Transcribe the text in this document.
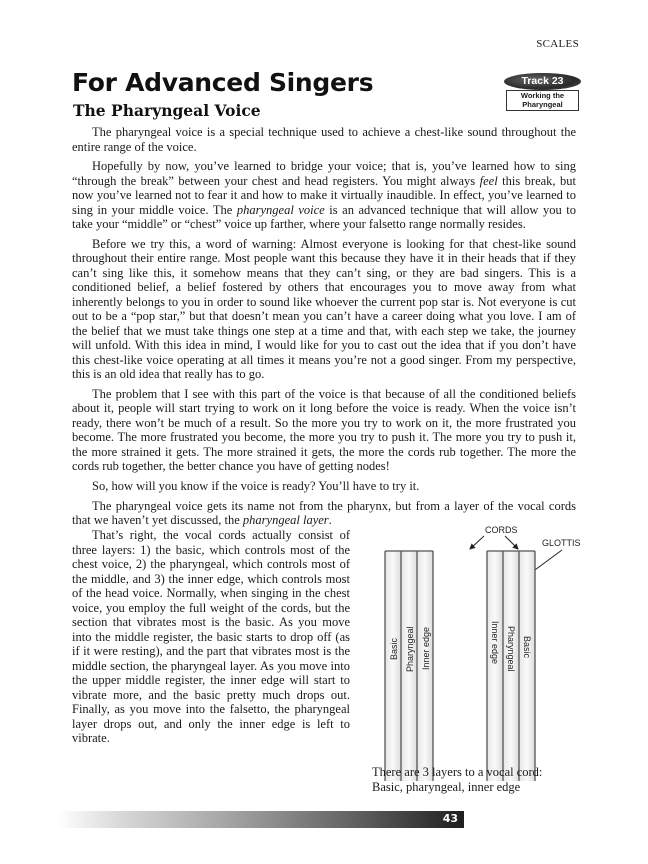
SCALES
For Advanced Singers
The Pharyngeal Voice
Track 23
Working the
Pharyngeal

The pharyngeal voice is a special technique used to achieve a chest-like sound throughout the entire range of the voice.

Hopefully by now, you’ve learned to bridge your voice; that is, you’ve learned how to sing “through the break” between your chest and head registers. You might always feel this break, but now you’ve learned not to fear it and how to make it virtually inaudible. In effect, you’ve learned to sing in your middle voice. The pharyngeal voice is an advanced technique that will allow you to take your “middle” or “chest” voice up farther, where your falsetto range normally resides.

Before we try this, a word of warning: Almost everyone is looking for that chest-like sound throughout their entire range. Most people want this because they have it in their heads that if they can’t sing like this, it somehow means that they can’t sing, or they are bad singers. This is a conditioned belief, a belief fostered by others that encourages you to move away from what inherently belongs to you in order to sound like whoever the current pop star is. Not everyone is cut out to be a “pop star,” but that doesn’t mean you can’t have a career doing what you love. I am of the belief that we must take things one step at a time and that, with each step we take, the journey will unfold. With this idea in mind, I would like for you to cast out the idea that if you don’t have this chest-like voice operating at all times it means you’re not a good singer. From my perspective, this is an old idea that really has to go.

The problem that I see with this part of the voice is that because of all the conditioned beliefs about it, people will start trying to work on it long before the voice is ready. When the voice isn’t ready, there won’t be much of a result. So the more you try to work on it, the more frustrated you become. The more frustrated you become, the more you try to push it. The more you try to push it, the more strained it gets. The more strained it gets, the more the cords rub together. The more the cords rub together, the better chance you have of getting nodes!

So, how will you know if the voice is ready? You’ll have to try it.

The pharyngeal voice gets its name not from the pharynx, but from a layer of the vocal cords that we haven’t yet discussed, the pharyngeal layer.

That’s right, the vocal cords actually consist of three layers: 1) the basic, which controls most of the chest voice, 2) the pharyngeal, which controls most of the middle, and 3) the inner edge, which controls most of the head voice. Normally, when singing in the chest voice, you employ the full weight of the cords, but the section that vibrates most is the basic. As you move into the middle register, the basic starts to drop off (as if it were resting), and the part that vibrates most is the middle section, the pharyngeal layer. As you move into the upper middle register, the inner edge will start to vibrate more, and the basic pretty much drops out. Finally, as you move into the falsetto, the pharyngeal layer drops out, and only the inner edge is left to vibrate.

CORDS
GLOTTIS
Basic Pharyngeal Inner edge	Inner edge Pharyngeal Basic
There are 3 layers to a vocal cord:
Basic, pharyngeal, inner edge
43
